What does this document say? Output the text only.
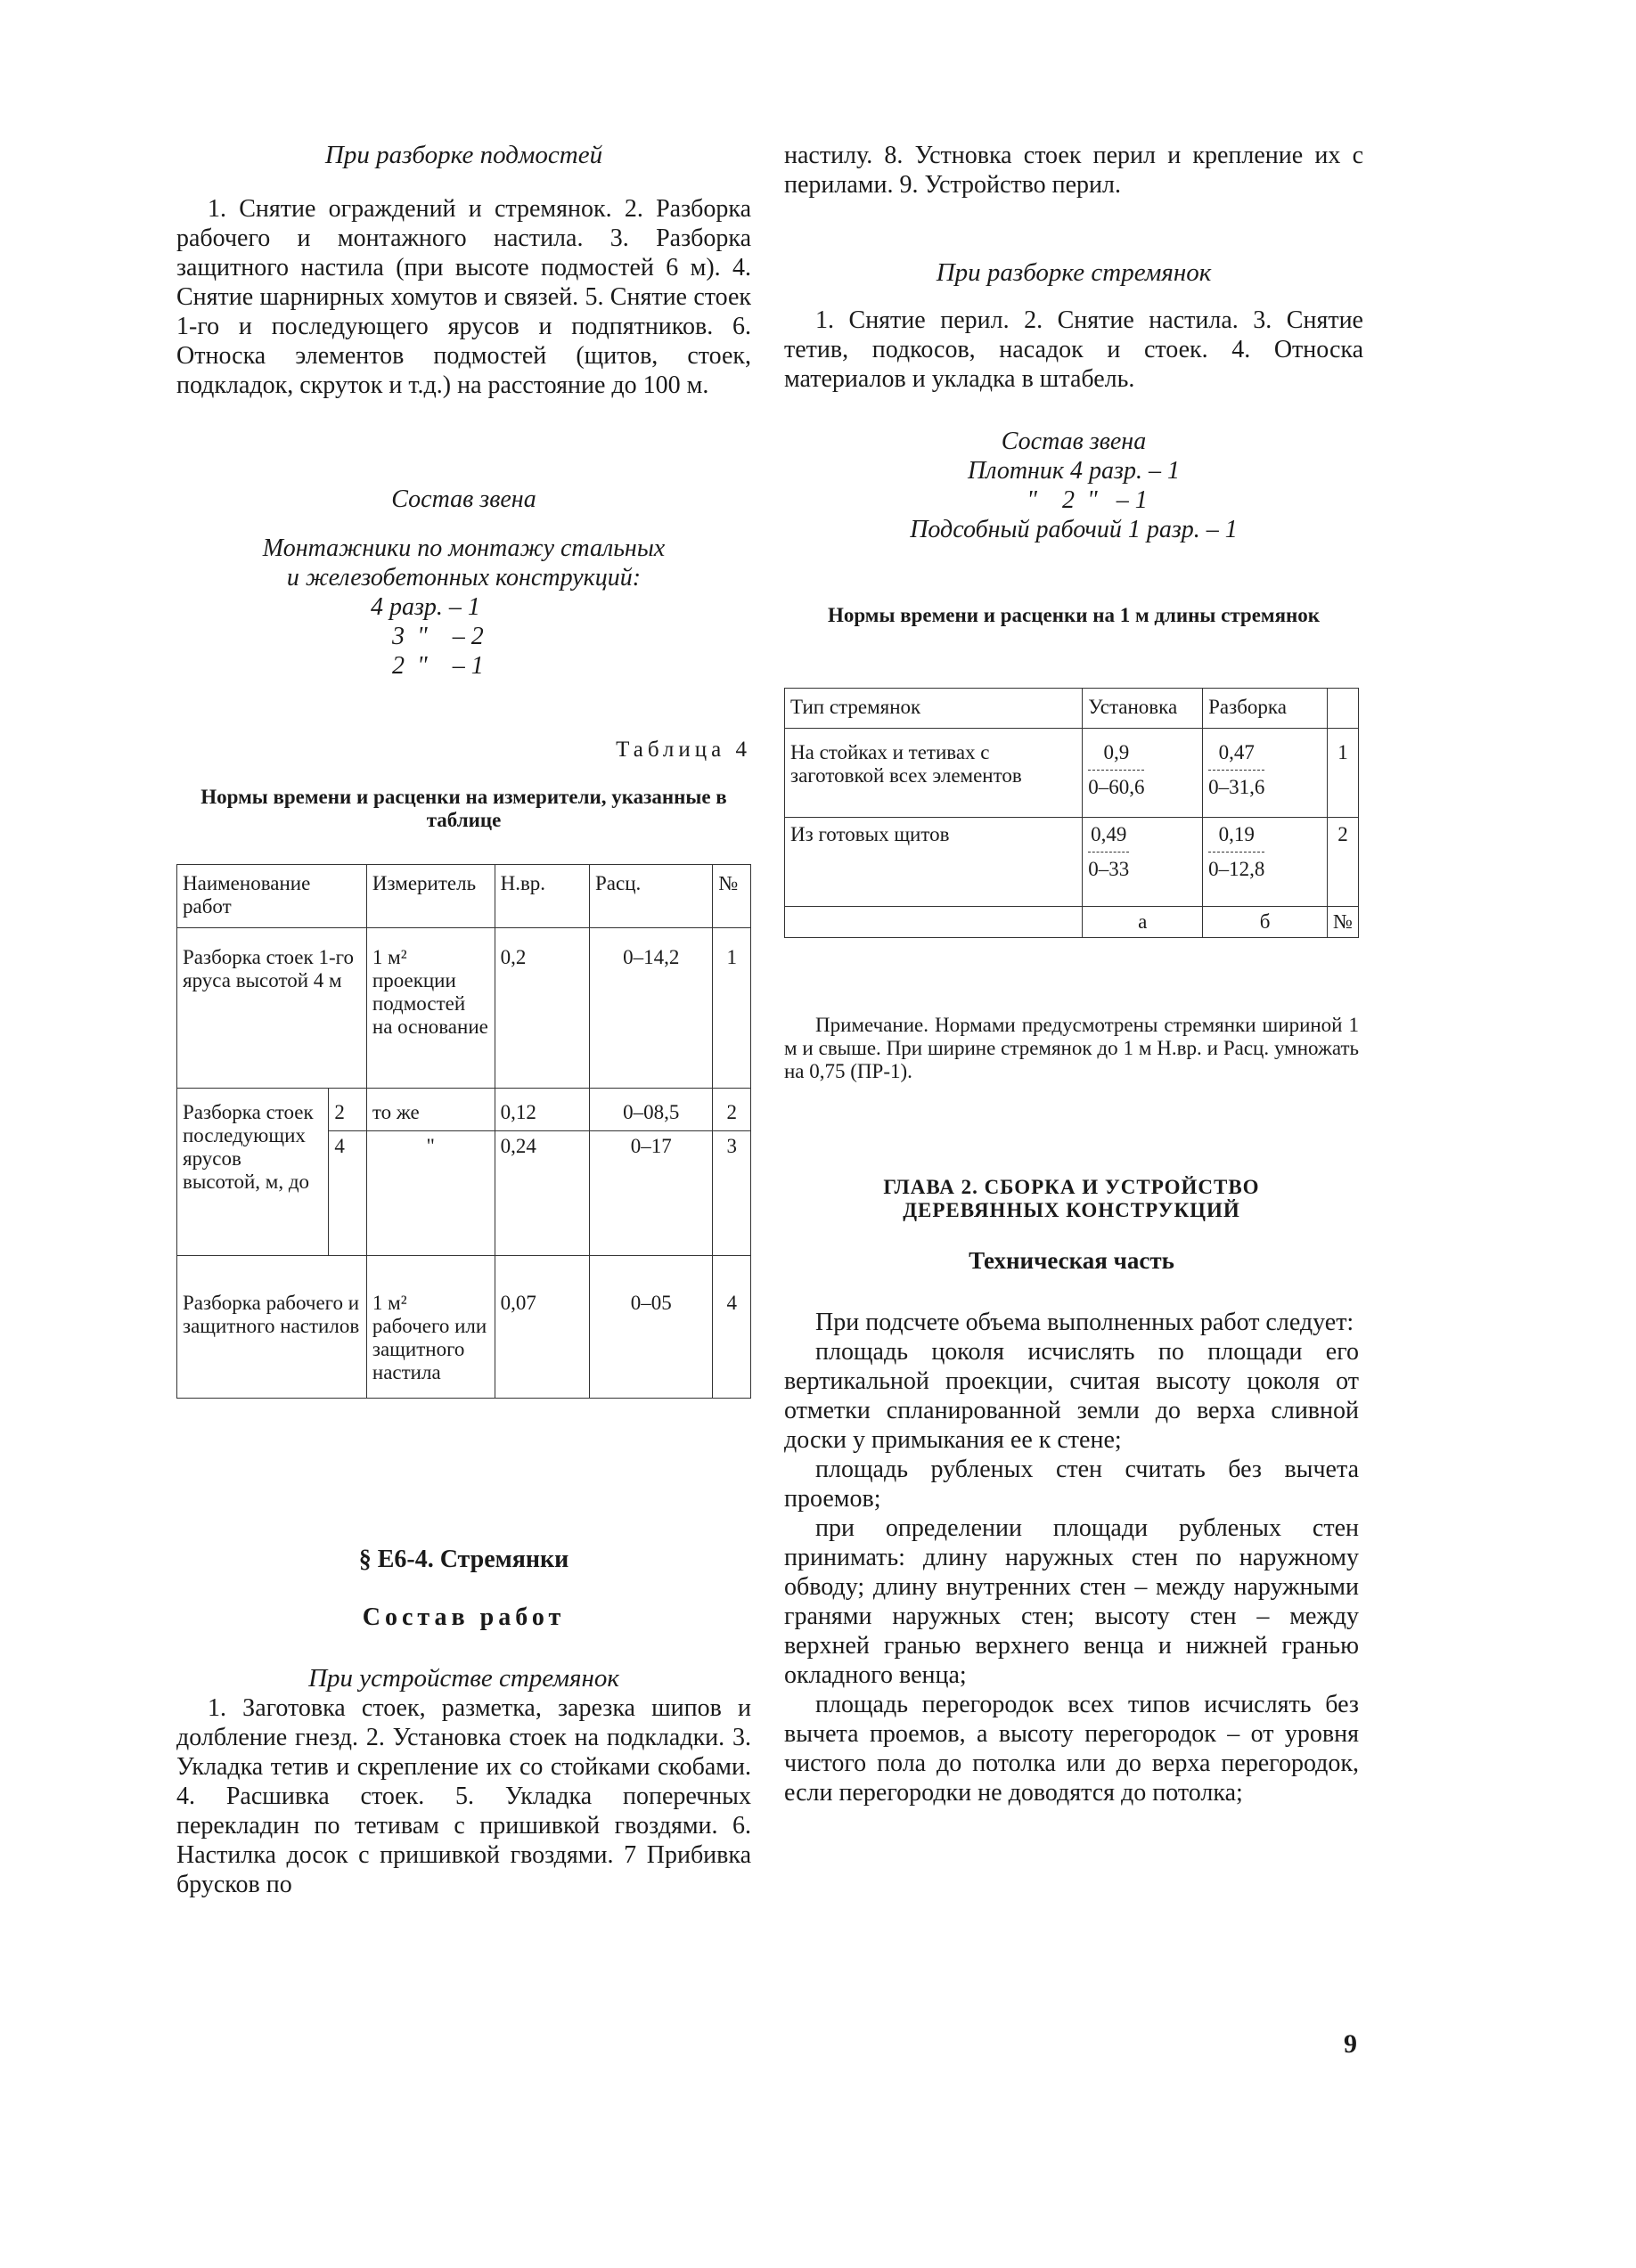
При разборке подмостей

1. Снятие ограждений и стремянок. 2. Разборка рабочего и монтажного настила. 3. Разборка защитного настила (при высоте подмостей 6 м). 4. Снятие шарнирных хомутов и связей. 5. Снятие стоек 1-го и последующего ярусов и подпятников. 6. Относка элементов подмостей (щитов, стоек, подкладок, скруток и т.д.) на расстояние до 100 м.

Состав звена

Монтажники по монтажу стальных

и железобетонных конструкций:

4 разр. – 1

3  "    – 2

2  "    – 1

Таблица 4

Нормы времени и расценки на измерители, указанные в таблице

Наименование работ		Измеритель	Н.вр.	Расц.	№
Разборка стоек 1-го яруса высотой 4 м		1 м² проекции подмостей на основание	0,2	0–14,2	1
Разборка стоек последующих ярусов высотой, м, до	2	то же	0,12	0–08,5	2
	4	"	0,24	0–17	3
Разборка рабочего и защитного настилов		1 м² рабочего или защитного настила	0,07	0–05	4

§ Е6-4. Стремянки

Состав работ

При устройстве стремянок

1. Заготовка стоек, разметка, зарезка шипов и долбление гнезд. 2. Установка стоек на подкладки. 3. Укладка тетив и скрепление их со стойками скобами. 4. Расшивка стоек. 5. Укладка поперечных перекладин по тетивам с пришивкой гвоздями. 6. Настилка досок с пришивкой гвоздями. 7 Прибивка брусков по

настилу. 8. Устновка стоек перил и крепление их с перилами. 9. Устройство перил.

При разборке стремянок

1. Снятие перил. 2. Снятие настила. 3. Снятие тетив, подкосов, насадок и стоек. 4. Относка материалов и укладка в штабель.

Состав звена

Плотник 4 разр. – 1

"    2  "   – 1

Подсобный рабочий 1 разр. – 1

Нормы времени и расценки на 1 м длины стремянок

Тип стремянок	Установка	Разборка	
На стойках и тетивах с заготовкой всех элементов	$\frac{0,9}{0-60,6}$	$\frac{0,47}{0-31,6}$	1
Из готовых щитов	$\frac{0,49}{0-33}$	$\frac{0,19}{0-12,8}$	2
	а	б	№

Примечание. Нормами предусмотрены стремянки шириной 1 м и свыше. При ширине стремянок до 1 м Н.вр. и Расц. умножать на 0,75 (ПР-1).

ГЛАВА 2. СБОРКА И УСТРОЙСТВО

ДЕРЕВЯННЫХ КОНСТРУКЦИЙ

Техническая часть

При подсчете объема выполненных работ следует:

площадь цоколя исчислять по площади его вертикальной проекции, считая высоту цоколя от отметки спланированной земли до верха сливной доски у примыкания ее к стене;

площадь рубленых стен считать без вычета проемов;

при определении площади рубленых стен принимать: длину наружных стен по наружному обводу; длину внутренних стен – между наружными гранями наружных стен; высоту стен – между верхней гранью верхнего венца и нижней гранью окладного венца;

площадь перегородок всех типов исчислять без вычета проемов, а высоту перегородок – от уровня чистого пола до потолка или до верха перегородок, если перегородки не доводятся до потолка;

9
